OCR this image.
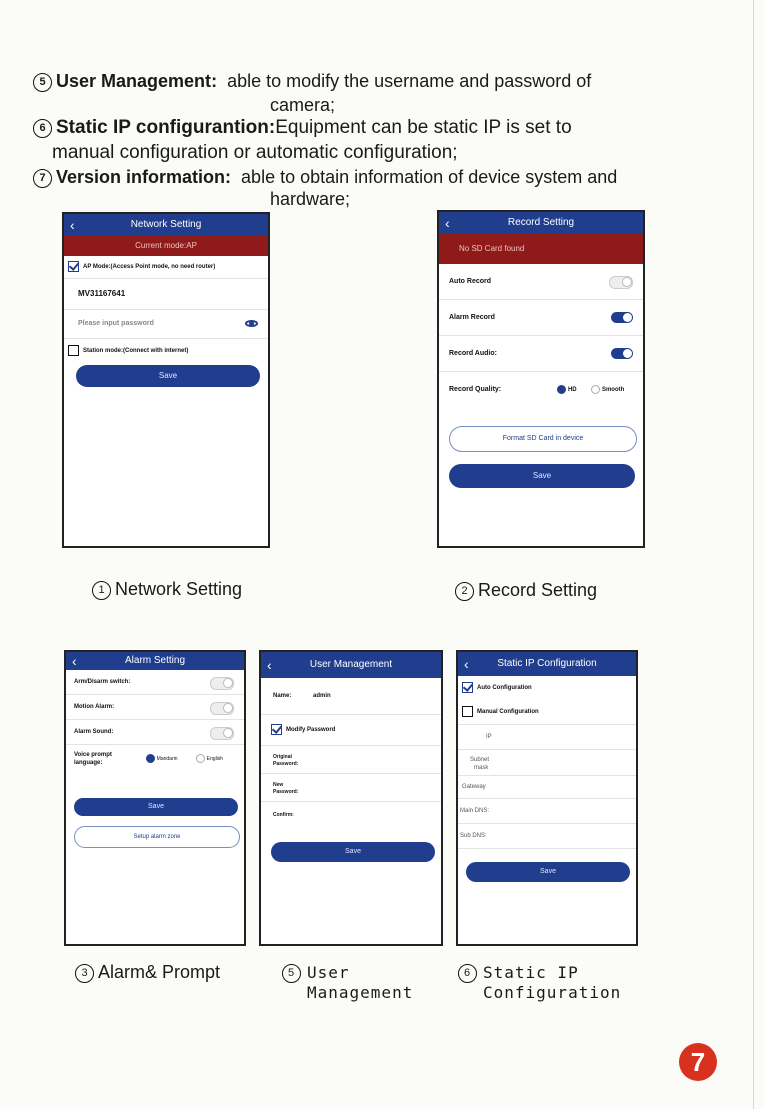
5 User Management: able to modify the username and password of

camera;

6 Static IP configurantion:Equipment can be static IP is set to

manual configuration or automatic configuration;

7 Version information: able to obtain information of device system and

hardware;

‹	Network Setting
Current mode:AP
AP Mode:(Access Point mode, no need router)
MV31167641
Please input password
Station mode:(Connect with internet)
Save
‹	Record Setting
No SD Card found
Auto Record
Alarm Record
Record Audio:
Record Quality:	HD	Smooth
Format SD Card in device
Save
1 Network Setting	2 Record Setting
‹	Alarm Setting
Arm/Disarm switch:
Motion Alarm:
Alarm Sound:
Voice prompt
language:
Mandarin	English
Save
Setup alarm zone
‹	User Management
Name:	admin
Modify Password
Original
Password:
New
Password:
Confirm:
Save
‹	Static IP Configuration
Auto Configuration
Manual Configuration
IP
Subnet
mask
Gateway
Main DNS:
Sub DNS:
Save
3 Alarm& Prompt	5 User
Management
6 Static IP
Configuration
7
